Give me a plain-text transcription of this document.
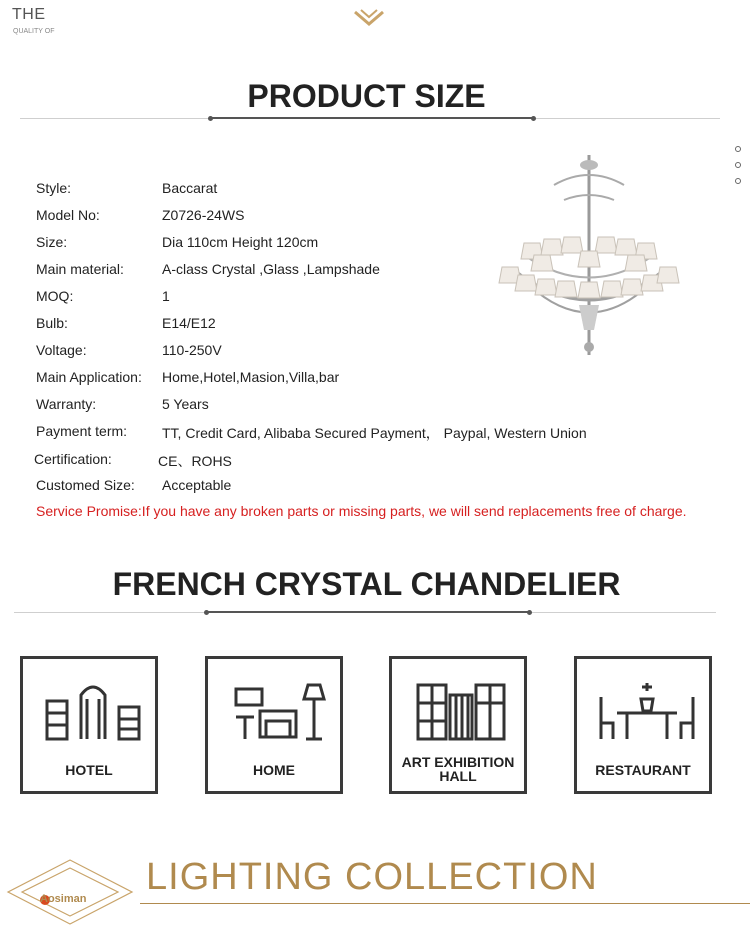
THE
QUALITY OF
PRODUCT SIZE
Style:	Baccarat
Model No:	Z0726-24WS
Size:	Dia 110cm Height 120cm
Main material:	A-class Crystal ,Glass ,Lampshade
MOQ:	1
Bulb:	E14/E12
Voltage:	110-250V
Main Application: Home,Hotel,Masion,Villa,bar
Warranty:	5 Years
Payment term: TT, Credit Card, Alibaba Secured Payment， Paypal, Western Union
Certification:	CE、ROHS
Customed Size: Acceptable
Service Promise:If you have any broken parts or missing parts, we will send replacements free of charge.
FRENCH CRYSTAL CHANDELIER
HOTEL	HOME	ART EXHIBITION HALL	RESTAURANT
Aosiman
LIGHTING COLLECTION
